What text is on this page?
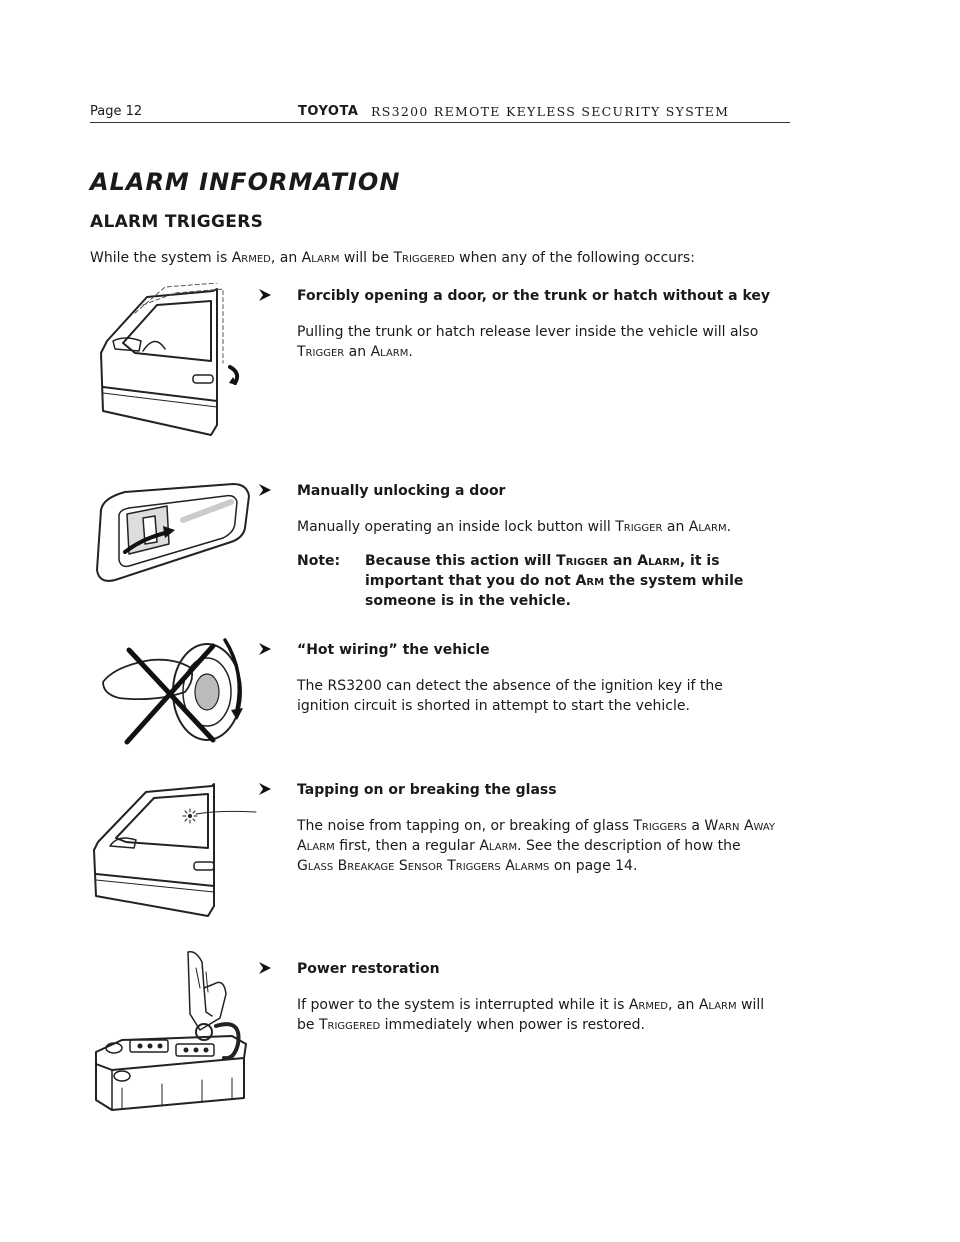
Page 12	TOYOTA RS3200 REMOTE KEYLESS SECURITY SYSTEM
ALARM INFORMATION
ALARM TRIGGERS
While the system is Armed, an Alarm will be Triggered when any of the following occurs:
Forcibly opening a door, or the trunk or hatch without a key
Pulling the trunk or hatch release lever inside the vehicle will also Trigger an Alarm.
Manually unlocking a door
Manually operating an inside lock button will Trigger an Alarm.
Note: Because this action will Trigger an Alarm, it is important that you do not Arm the system while someone is in the vehicle.
“Hot wiring” the vehicle
The RS3200 can detect the absence of the ignition key if the ignition circuit is shorted in attempt to start the vehicle.
Tapping on or breaking the glass
The noise from tapping on, or breaking of glass Triggers a Warn Away Alarm first, then a regular Alarm. See the description of how the Glass Breakage Sensor Triggers Alarms on page 14.
Power restoration
If power to the system is interrupted while it is Armed, an Alarm will be Triggered immediately when power is restored.
